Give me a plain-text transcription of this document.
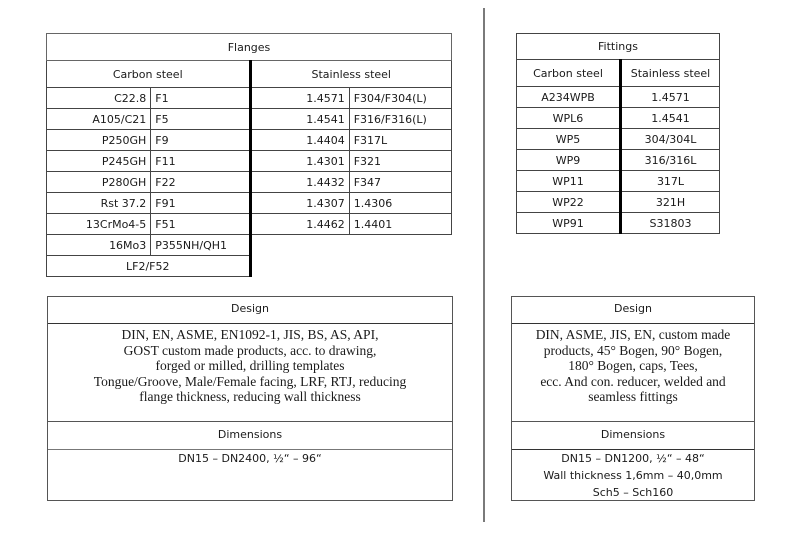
Flanges			
Carbon steel		Stainless steel	
C22.8	F1	1.4571	F304/F304(L)
A105/C21	F5	1.4541	F316/F316(L)
P250GH	F9	1.4404	F317L
P245GH	F11	1.4301	F321
P280GH	F22	1.4432	F347
Rst 37.2	F91	1.4307	1.4306
13CrMo4-5	F51	1.4462	1.4401
16Mo3	P355NH/QH1		
LF2/F52			
Fittings	
Carbon steel	Stainless steel
A234WPB	1.4571
WPL6	1.4541
WP5	304/304L
WP9	316/316L
WP11	317L
WP22	321H
WP91	S31803
Design
DIN, EN, ASME, EN1092-1, JIS, BS, AS, API,
GOST custom made products, acc. to drawing,
forged or milled, drilling templates
Tongue/Groove, Male/Female facing, LRF, RTJ, reducing
flange thickness, reducing wall thickness
Dimensions
DN15 – DN2400, ½“ – 96“
Design
DIN, ASME, JIS, EN, custom made
products, 45° Bogen, 90° Bogen,
180° Bogen, caps, Tees,
ecc. And con. reducer, welded and
seamless fittings
Dimensions
DN15 – DN1200, ½“ – 48“
Wall thickness 1,6mm – 40,0mm
Sch5 – Sch160
